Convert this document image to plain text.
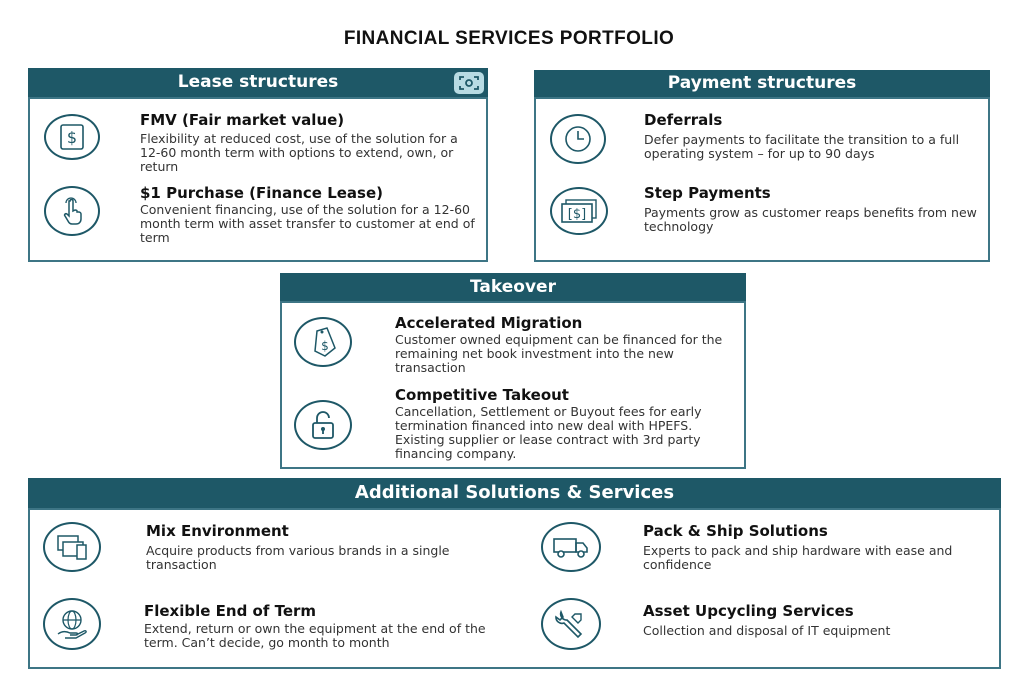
FINANCIAL SERVICES PORTFOLIO
Lease structures
$
FMV (Fair market value)
Flexibility at reduced cost, use of the solution for a 12-60 month term with options to extend, own, or return
$1 Purchase (Finance Lease)
Convenient financing, use of the solution for a 12-60 month term with asset transfer to customer at end of term
Payment structures
Deferrals
Defer payments to facilitate the transition to a full operating system – for up to 90 days
[$]
Step Payments
Payments grow as customer reaps benefits from new technology
Takeover
$
Accelerated Migration
Customer owned equipment can be financed for the remaining net book investment into the new transaction
Competitive Takeout
Cancellation, Settlement or Buyout fees for early termination financed into new deal with HPEFS. Existing supplier or lease contract with 3rd party financing company.
Additional Solutions & Services
Mix Environment
Acquire products from various brands in a single transaction
Pack & Ship Solutions
Experts to pack and ship hardware with ease and confidence
Flexible End of Term
Extend, return or own the equipment at the end of the term. Can’t decide, go month to month
Asset Upcycling Services
Collection and disposal of IT equipment
